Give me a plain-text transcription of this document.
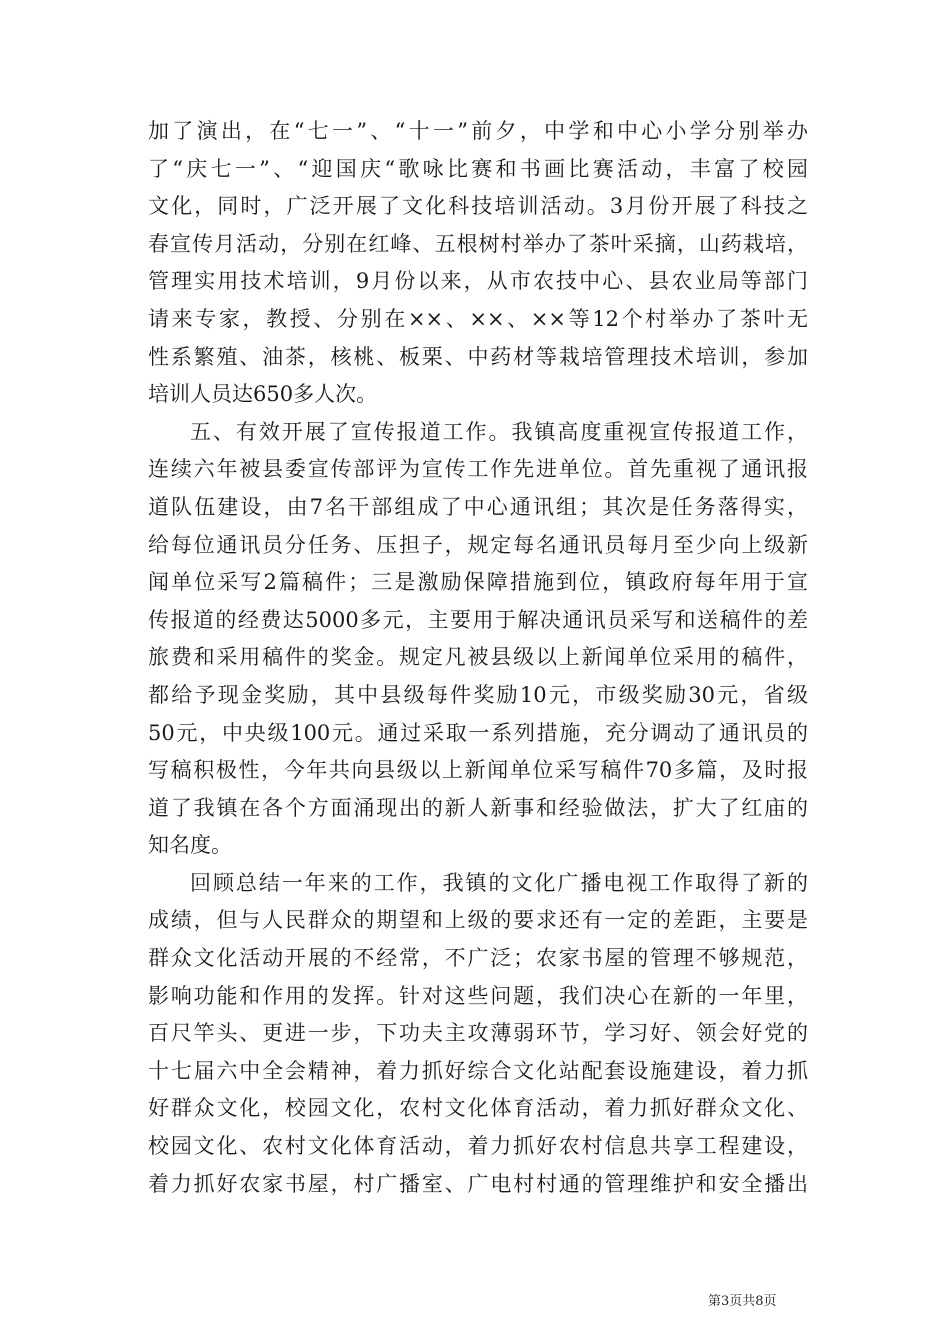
加了演出，在“七一”、“十一”前夕，中学和中心小学分别举办
了“庆七一”、“迎国庆“歌咏比赛和书画比赛活动，丰富了校园
文化，同时，广泛开展了文化科技培训活动。3月份开展了科技之
春宣传月活动，分别在红峰、五根树村举办了茶叶采摘，山药栽培，
管理实用技术培训，9月份以来，从市农技中心、县农业局等部门
请来专家，教授、分别在××、××、××等12个村举办了茶叶无
性系繁殖、油茶，核桃、板栗、中药材等栽培管理技术培训，参加
培训人员达650多人次。
五、有效开展了宣传报道工作。我镇高度重视宣传报道工作，
连续六年被县委宣传部评为宣传工作先进单位。首先重视了通讯报
道队伍建设，由7名干部组成了中心通讯组；其次是任务落得实，
给每位通讯员分任务、压担子，规定每名通讯员每月至少向上级新
闻单位采写2篇稿件；三是激励保障措施到位，镇政府每年用于宣
传报道的经费达5000多元，主要用于解决通讯员采写和送稿件的差
旅费和采用稿件的奖金。规定凡被县级以上新闻单位采用的稿件，
都给予现金奖励，其中县级每件奖励10元，市级奖励30元，省级
50元，中央级100元。通过采取一系列措施，充分调动了通讯员的
写稿积极性，今年共向县级以上新闻单位采写稿件70多篇，及时报
道了我镇在各个方面涌现出的新人新事和经验做法，扩大了红庙的
知名度。
回顾总结一年来的工作，我镇的文化广播电视工作取得了新的
成绩，但与人民群众的期望和上级的要求还有一定的差距，主要是
群众文化活动开展的不经常，不广泛；农家书屋的管理不够规范，
影响功能和作用的发挥。针对这些问题，我们决心在新的一年里，
百尺竿头、更进一步，下功夫主攻薄弱环节，学习好、领会好党的
十七届六中全会精神，着力抓好综合文化站配套设施建设，着力抓
好群众文化，校园文化，农村文化体育活动，着力抓好群众文化、
校园文化、农村文化体育活动，着力抓好农村信息共享工程建设，
着力抓好农家书屋，村广播室、广电村村通的管理维护和安全播出
第3页共8页
